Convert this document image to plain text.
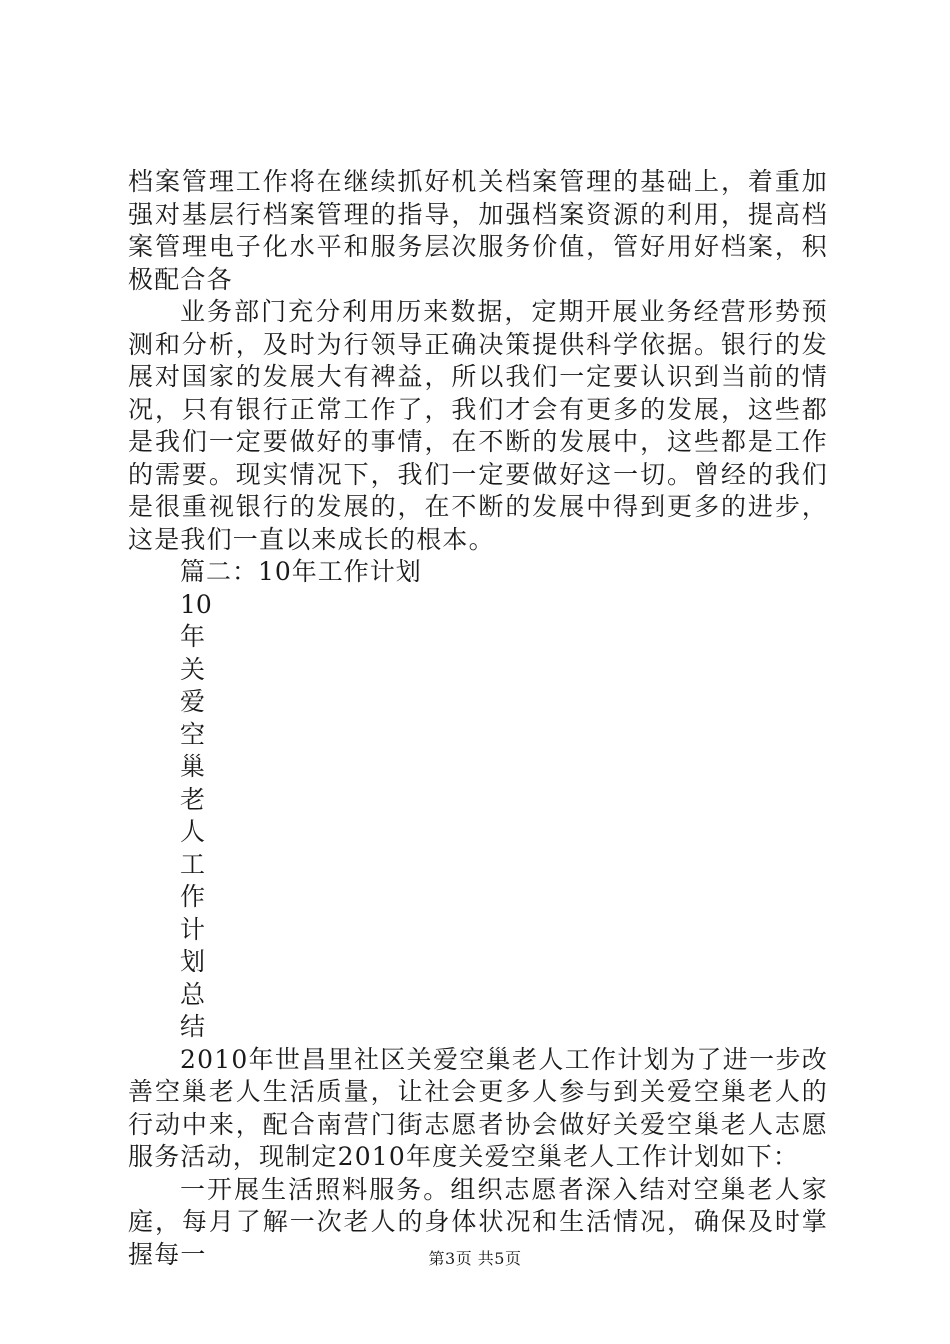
档案管理工作将在继续抓好机关档案管理的基础上，着重加强对基层行档案管理的指导，加强档案资源的利用，提高档案管理电子化水平和服务层次服务价值，管好用好档案，积极配合各

业务部门充分利用历来数据，定期开展业务经营形势预测和分析，及时为行领导正确决策提供科学依据。银行的发展对国家的发展大有裨益，所以我们一定要认识到当前的情况，只有银行正常工作了，我们才会有更多的发展，这些都是我们一定要做好的事情，在不断的发展中，这些都是工作的需要。现实情况下，我们一定要做好这一切。曾经的我们是很重视银行的发展的，在不断的发展中得到更多的进步，这是我们一直以来成长的根本。

篇二：10年工作计划

10
年
关
爱
空
巢
老
人
工
作
计
划
总
结

2010年世昌里社区关爱空巢老人工作计划为了进一步改善空巢老人生活质量，让社会更多人参与到关爱空巢老人的行动中来，配合南营门街志愿者协会做好关爱空巢老人志愿服务活动，现制定2010年度关爱空巢老人工作计划如下：

一开展生活照料服务。组织志愿者深入结对空巢老人家庭，每月了解一次老人的身体状况和生活情况，确保及时掌握每一	第3页 共5页
